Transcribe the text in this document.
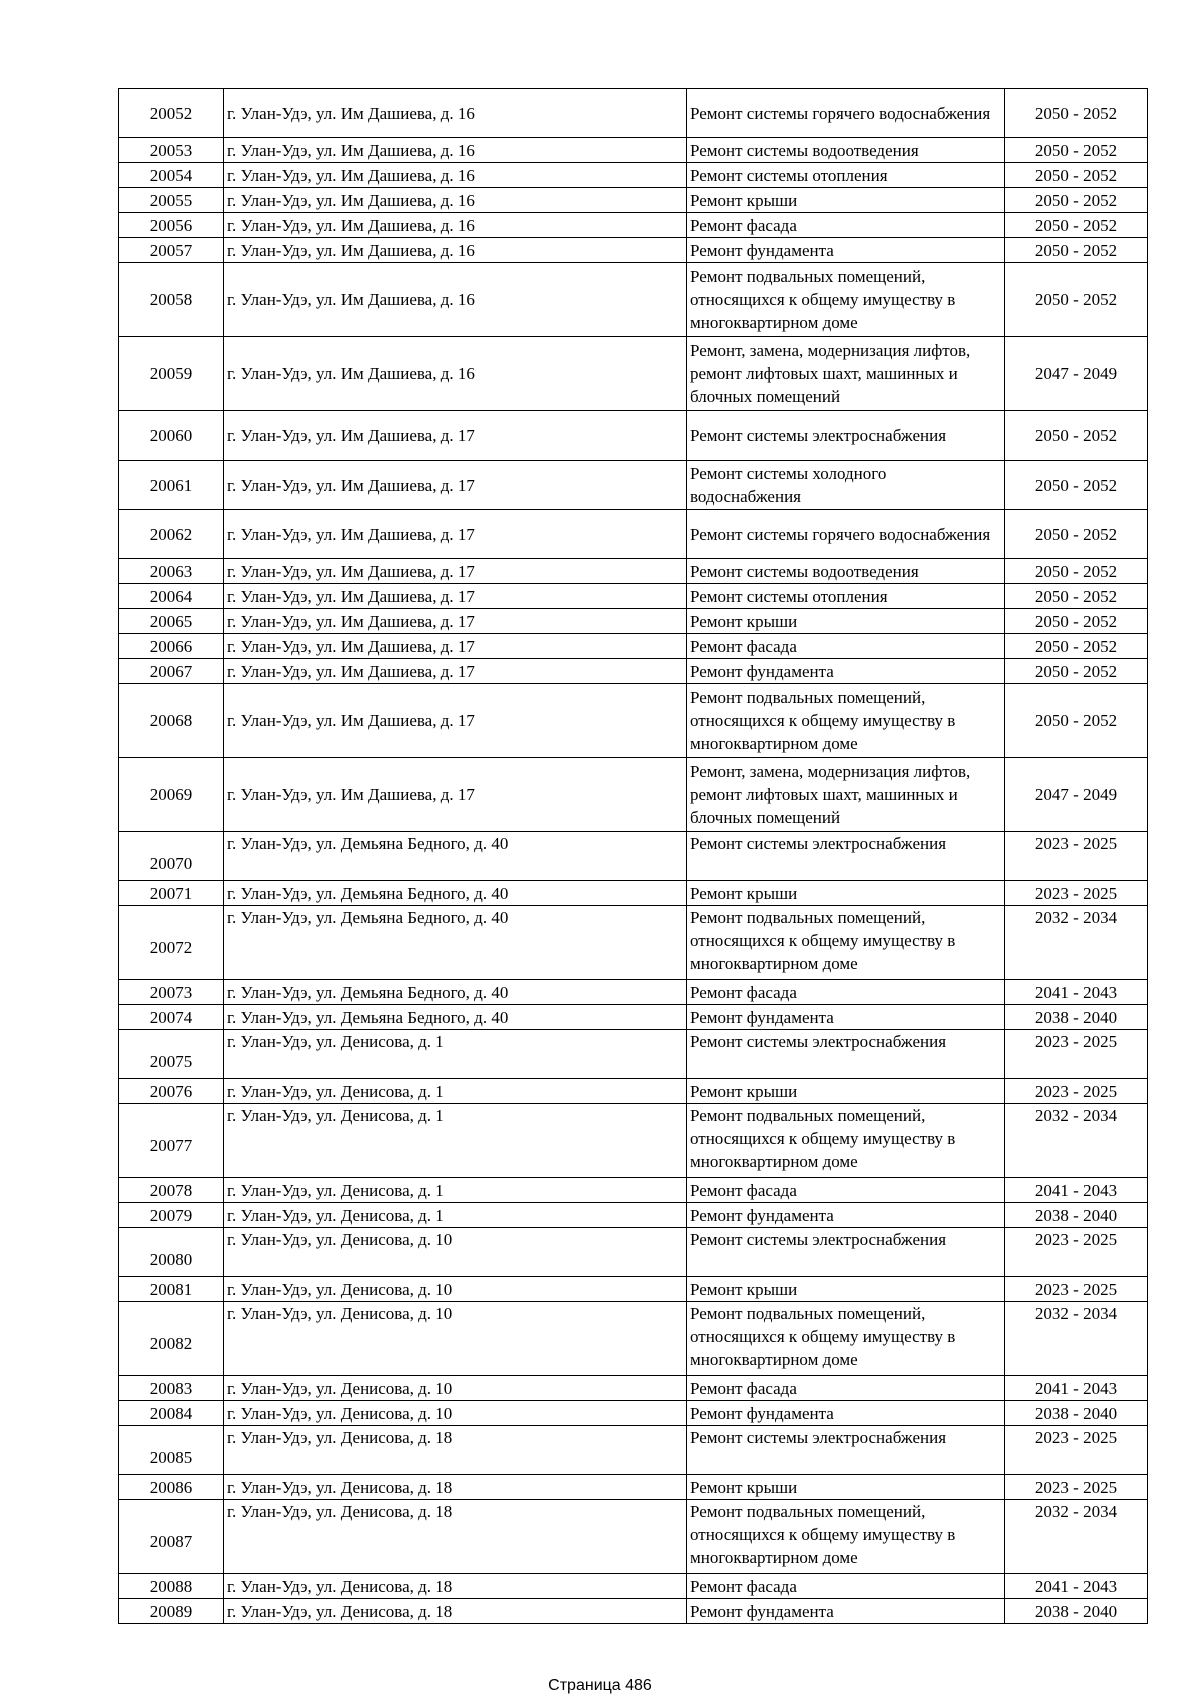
20052	г. Улан-Удэ, ул. Им Дашиева, д. 16	Ремонт системы горячего водоснабжения	2050 - 2052
20053	г. Улан-Удэ, ул. Им Дашиева, д. 16	Ремонт системы водоотведения	2050 - 2052
20054	г. Улан-Удэ, ул. Им Дашиева, д. 16	Ремонт системы отопления	2050 - 2052
20055	г. Улан-Удэ, ул. Им Дашиева, д. 16	Ремонт крыши	2050 - 2052
20056	г. Улан-Удэ, ул. Им Дашиева, д. 16	Ремонт фасада	2050 - 2052
20057	г. Улан-Удэ, ул. Им Дашиева, д. 16	Ремонт фундамента	2050 - 2052
20058	г. Улан-Удэ, ул. Им Дашиева, д. 16	Ремонт подвальных помещений, относящихся к общему имуществу в многоквартирном доме	2050 - 2052
20059	г. Улан-Удэ, ул. Им Дашиева, д. 16	Ремонт, замена, модернизация лифтов, ремонт лифтовых шахт, машинных и блочных помещений	2047 - 2049
20060	г. Улан-Удэ, ул. Им Дашиева, д. 17	Ремонт системы электроснабжения	2050 - 2052
20061	г. Улан-Удэ, ул. Им Дашиева, д. 17	Ремонт системы холодного водоснабжения	2050 - 2052
20062	г. Улан-Удэ, ул. Им Дашиева, д. 17	Ремонт системы горячего водоснабжения	2050 - 2052
20063	г. Улан-Удэ, ул. Им Дашиева, д. 17	Ремонт системы водоотведения	2050 - 2052
20064	г. Улан-Удэ, ул. Им Дашиева, д. 17	Ремонт системы отопления	2050 - 2052
20065	г. Улан-Удэ, ул. Им Дашиева, д. 17	Ремонт крыши	2050 - 2052
20066	г. Улан-Удэ, ул. Им Дашиева, д. 17	Ремонт фасада	2050 - 2052
20067	г. Улан-Удэ, ул. Им Дашиева, д. 17	Ремонт фундамента	2050 - 2052
20068	г. Улан-Удэ, ул. Им Дашиева, д. 17	Ремонт подвальных помещений, относящихся к общему имуществу в многоквартирном доме	2050 - 2052
20069	г. Улан-Удэ, ул. Им Дашиева, д. 17	Ремонт, замена, модернизация лифтов, ремонт лифтовых шахт, машинных и блочных помещений	2047 - 2049
20070	г. Улан-Удэ, ул. Демьяна Бедного, д. 40	Ремонт системы электроснабжения	2023 - 2025
20071	г. Улан-Удэ, ул. Демьяна Бедного, д. 40	Ремонт крыши	2023 - 2025
20072	г. Улан-Удэ, ул. Демьяна Бедного, д. 40	Ремонт подвальных помещений, относящихся к общему имуществу в многоквартирном доме	2032 - 2034
20073	г. Улан-Удэ, ул. Демьяна Бедного, д. 40	Ремонт фасада	2041 - 2043
20074	г. Улан-Удэ, ул. Демьяна Бедного, д. 40	Ремонт фундамента	2038 - 2040
20075	г. Улан-Удэ, ул. Денисова, д. 1	Ремонт системы электроснабжения	2023 - 2025
20076	г. Улан-Удэ, ул. Денисова, д. 1	Ремонт крыши	2023 - 2025
20077	г. Улан-Удэ, ул. Денисова, д. 1	Ремонт подвальных помещений, относящихся к общему имуществу в многоквартирном доме	2032 - 2034
20078	г. Улан-Удэ, ул. Денисова, д. 1	Ремонт фасада	2041 - 2043
20079	г. Улан-Удэ, ул. Денисова, д. 1	Ремонт фундамента	2038 - 2040
20080	г. Улан-Удэ, ул. Денисова, д. 10	Ремонт системы электроснабжения	2023 - 2025
20081	г. Улан-Удэ, ул. Денисова, д. 10	Ремонт крыши	2023 - 2025
20082	г. Улан-Удэ, ул. Денисова, д. 10	Ремонт подвальных помещений, относящихся к общему имуществу в многоквартирном доме	2032 - 2034
20083	г. Улан-Удэ, ул. Денисова, д. 10	Ремонт фасада	2041 - 2043
20084	г. Улан-Удэ, ул. Денисова, д. 10	Ремонт фундамента	2038 - 2040
20085	г. Улан-Удэ, ул. Денисова, д. 18	Ремонт системы электроснабжения	2023 - 2025
20086	г. Улан-Удэ, ул. Денисова, д. 18	Ремонт крыши	2023 - 2025
20087	г. Улан-Удэ, ул. Денисова, д. 18	Ремонт подвальных помещений, относящихся к общему имуществу в многоквартирном доме	2032 - 2034
20088	г. Улан-Удэ, ул. Денисова, д. 18	Ремонт фасада	2041 - 2043
20089	г. Улан-Удэ, ул. Денисова, д. 18	Ремонт фундамента	2038 - 2040
Страница 486
